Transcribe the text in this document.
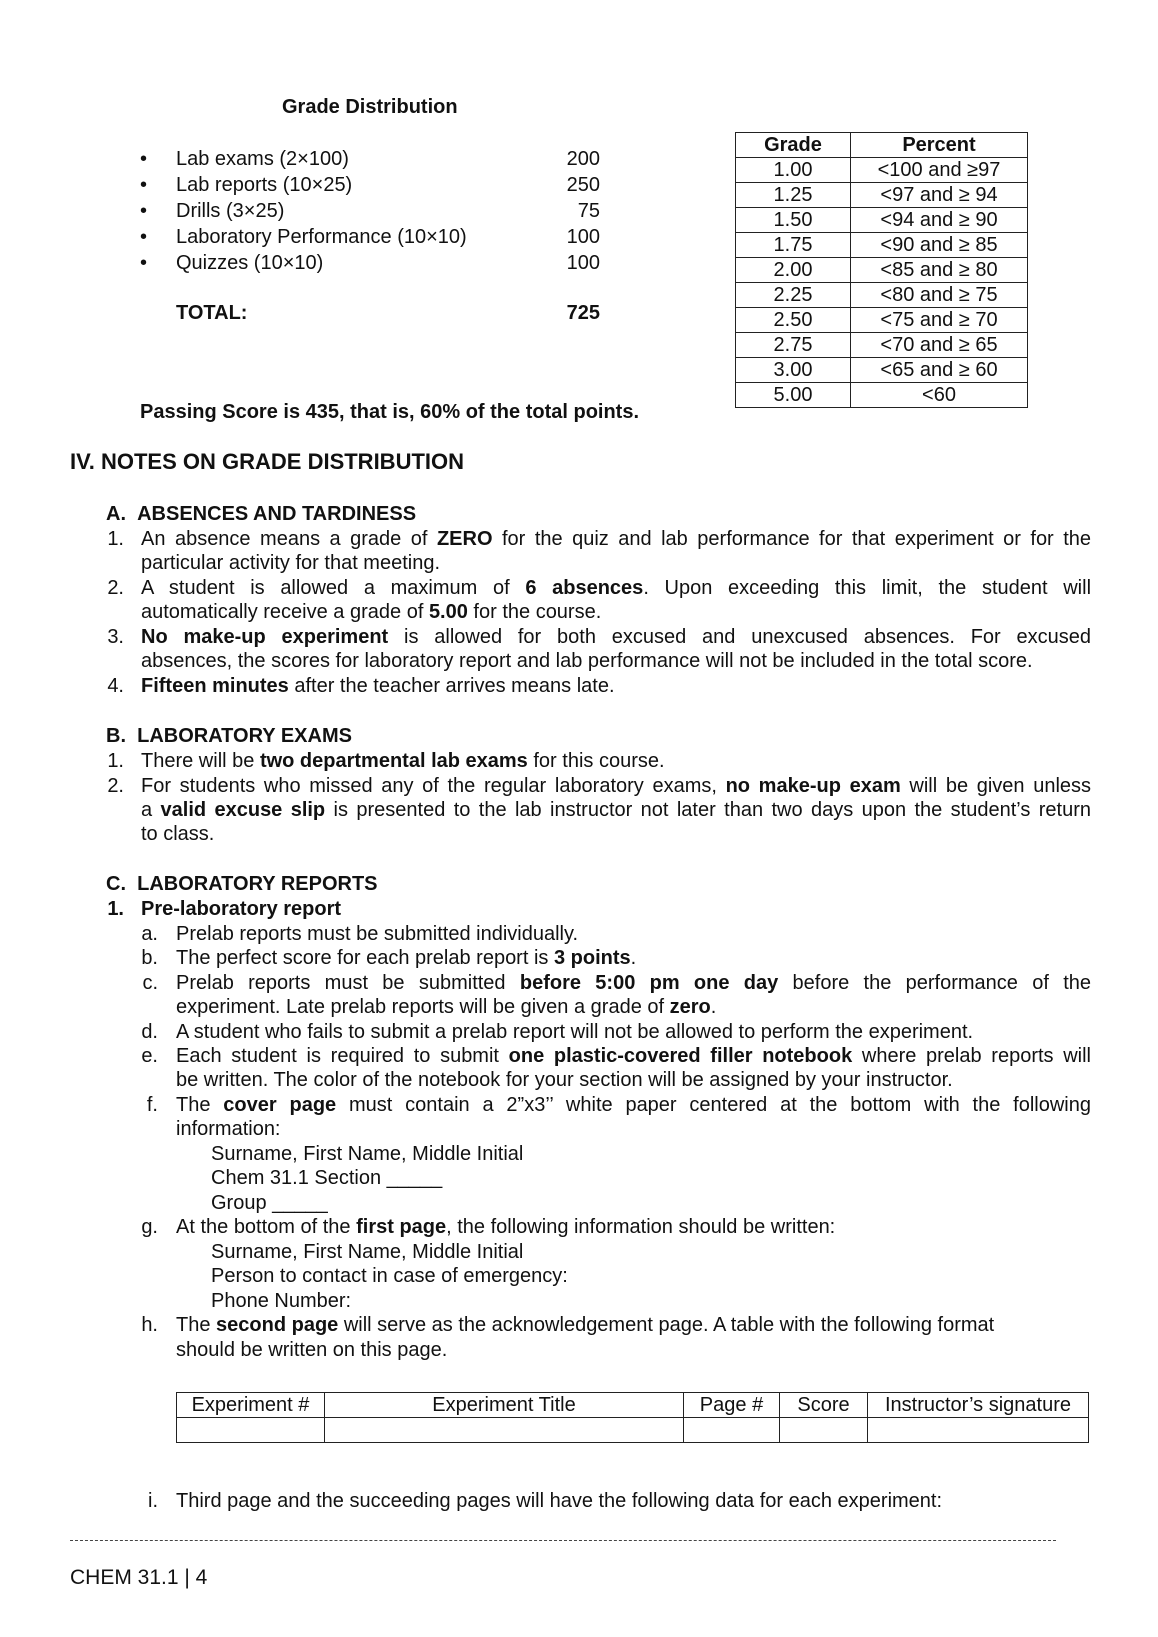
Grade Distribution
• Lab exams (2×100)	200
• Lab reports (10×25)	250
• Drills (3×25)	75
• Laboratory Performance (10×10)	100
• Quizzes (10×10)	100
TOTAL:	725
Passing Score is 435, that is, 60% of the total points.
Grade	Percent
1.00	<100 and ≥97
1.25	<97 and ≥ 94
1.50	<94 and ≥ 90
1.75	<90 and ≥ 85
2.00	<85 and ≥ 80
2.25	<80 and ≥ 75
2.50	<75 and ≥ 70
2.75	<70 and ≥ 65
3.00	<65 and ≥ 60
5.00	<60
IV. NOTES ON GRADE DISTRIBUTION
A.  ABSENCES AND TARDINESS
1. An absence means a grade of ZERO for the quiz and lab performance for that experiment or for the
particular activity for that meeting.
2. A student is allowed a maximum of 6 absences. Upon exceeding this limit, the student will
automatically receive a grade of 5.00 for the course.
3. No make-up experiment is allowed for both excused and unexcused absences. For excused
absences, the scores for laboratory report and lab performance will not be included in the total score.
4. Fifteen minutes after the teacher arrives means late.
B.  LABORATORY EXAMS
1. There will be two departmental lab exams for this course.
2. For students who missed any of the regular laboratory exams, no make-up exam will be given unless
a valid excuse slip is presented to the lab instructor not later than two days upon the student’s return
to class.
C.  LABORATORY REPORTS
1. Pre-laboratory report
a. Prelab reports must be submitted individually.
b. The perfect score for each prelab report is 3 points.
c. Prelab reports must be submitted before 5:00 pm one day before the performance of the
experiment. Late prelab reports will be given a grade of zero.
d. A student who fails to submit a prelab report will not be allowed to perform the experiment.
e. Each student is required to submit one plastic-covered filler notebook where prelab reports will
be written. The color of the notebook for your section will be assigned by your instructor.
f. The cover page must contain a 2”x3’’ white paper centered at the bottom with the following
information:
Surname, First Name, Middle Initial
Chem 31.1 Section _____
Group _____
g. At the bottom of the first page, the following information should be written:
Surname, First Name, Middle Initial
Person to contact in case of emergency:
Phone Number:
h. The second page will serve as the acknowledgement page. A table with the following format
should be written on this page.
Experiment #	Experiment Title	Page #	Score	Instructor’s signature

i. Third page and the succeeding pages will have the following data for each experiment:
CHEM 31.1 | 4
